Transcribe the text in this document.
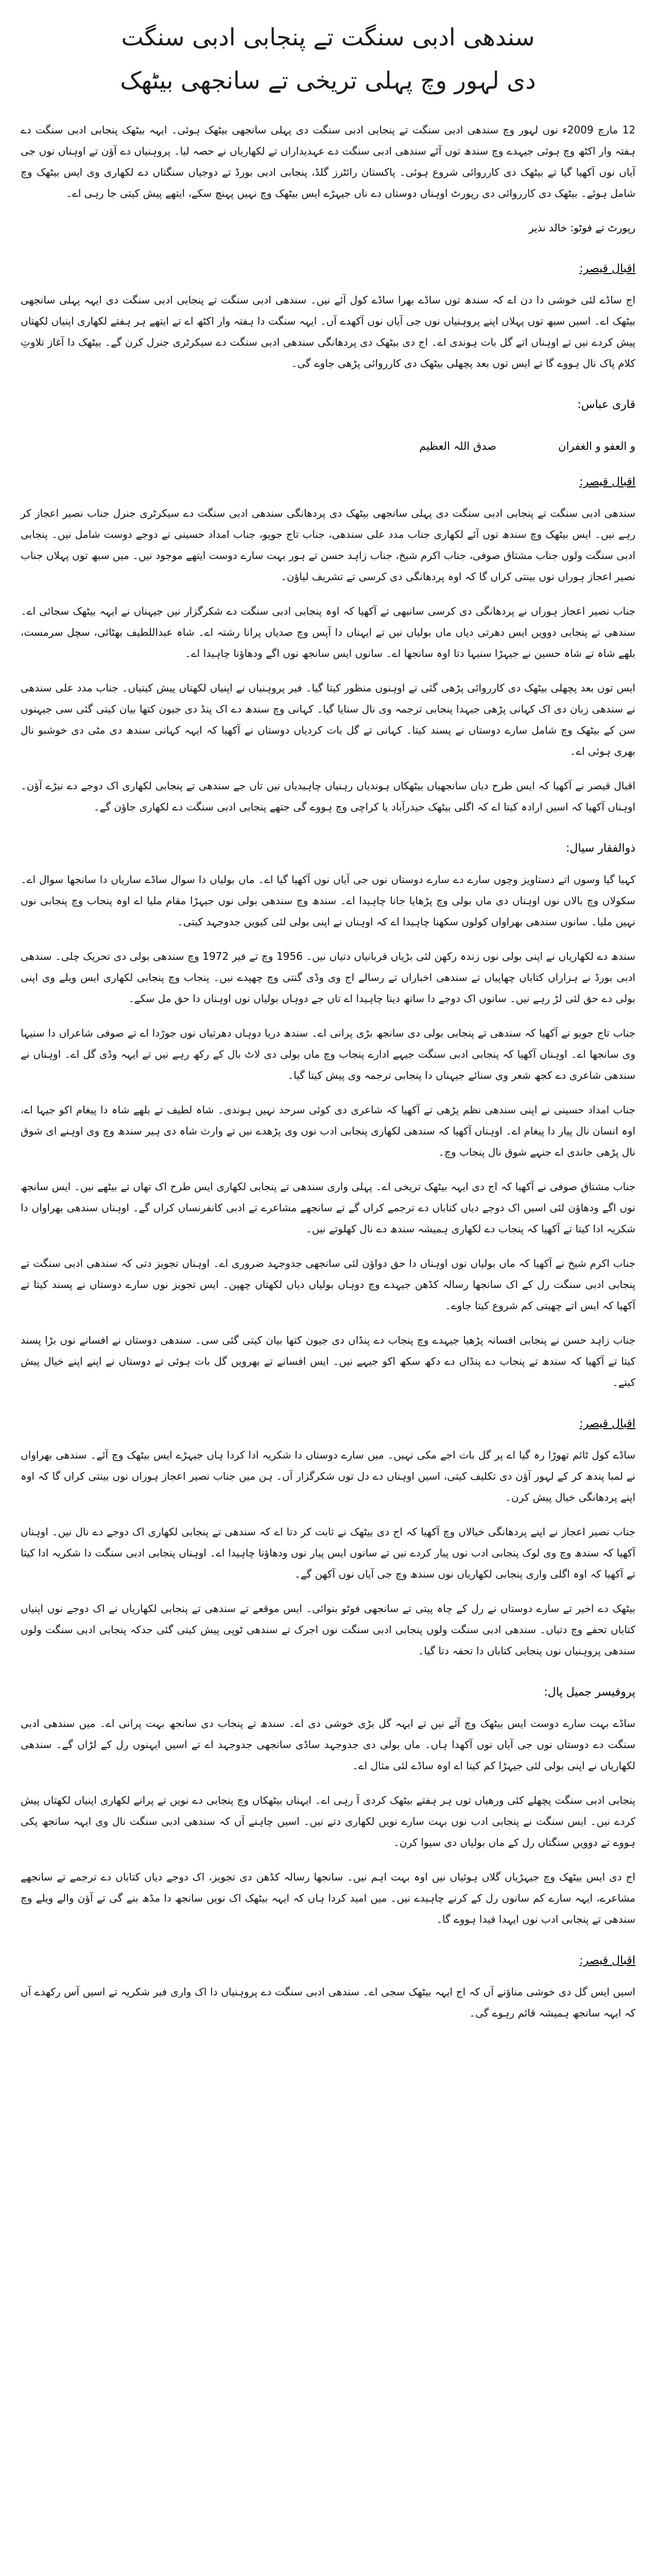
سندھی ادبی سنگت تے پنجابی ادبی سنگت
دی لہور وچ پہلی تریخی تے سانجھی بیٹھک

12 مارچ 2009ء نوں لہور وچ سندھی ادبی سنگت تے پنجابی ادبی سنگت دی پہلی سانجھی بیٹھک ہوئی۔ ایہہ بیٹھک پنجابی ادبی سنگت دے ہفتہ وار اکٹھ وچ ہوئی جیہدے وچ سندھ توں آئے سندھی ادبی سنگت دے عہدیداراں تے لکھاریاں نے حصہ لیا۔ پروہنیاں دے آؤن تے اوہناں نوں جی آیاں نوں آکھیا گیا تے بیٹھک دی کارروائی شروع ہوئی۔ پاکستان رائٹرز گلڈ، پنجابی ادبی بورڈ تے دوجیاں سنگتاں دے لکھاری وی ایس بیٹھک وچ شامل ہوئے۔ بیٹھک دی کارروائی دی رپورٹ اوہناں دوستاں دے ناں جیہڑے ایس بیٹھک وچ نہیں پہنچ سکے، ایتھے پیش کیتی جا رہی اے۔

رپورٹ تے فوٹو: خالد نذیر
اقبال قیصر:

اج ساڈے لئی خوشی دا دن اے کہ سندھ توں ساڈے بھرا ساڈے کول آئے نیں۔ سندھی ادبی سنگت تے پنجابی ادبی سنگت دی ایہہ پہلی سانجھی بیٹھک اے۔ اسیں سبھ توں پہلاں اپنے پروہنیاں نوں جی آیاں نوں آکھدے آں۔ ایہہ سنگت دا ہفتہ وار اکٹھ اے تے ایتھے ہر ہفتے لکھاری اپنیاں لکھتاں پیش کردے نیں تے اوہناں اتے گل بات ہوندی اے۔ اج دی بیٹھک دی پردھانگی سندھی ادبی سنگت دے سیکرٹری جنرل کرن گے۔ بیٹھک دا آغاز تلاوتِ کلام پاک نال ہووے گا تے ایس توں بعد پچھلی بیٹھک دی کارروائی پڑھی جاوے گی۔

قاری عباس:
و العفو و الغفران
صدق اللہ العظیم
اقبال قیصر:

سندھی ادبی سنگت تے پنجابی ادبی سنگت دی پہلی سانجھی بیٹھک دی پردھانگی سندھی ادبی سنگت دے سیکرٹری جنرل جناب نصیر اعجاز کر رہے نیں۔ ایس بیٹھک وچ سندھ توں آئے لکھاری جناب مدد علی سندھی، جناب تاج جویو، جناب امداد حسینی تے دوجے دوست شامل نیں۔ پنجابی ادبی سنگت ولوں جناب مشتاق صوفی، جناب اکرم شیخ، جناب زاہد حسن تے ہور بہت سارے دوست ایتھے موجود نیں۔ میں سبھ توں پہلاں جناب نصیر اعجاز ہوراں نوں بینتی کراں گا کہ اوہ پردھانگی دی کرسی تے تشریف لیاؤن۔

جناب نصیر اعجاز ہوراں نے پردھانگی دی کرسی سانبھی تے آکھیا کہ اوہ پنجابی ادبی سنگت دے شکرگزار نیں جیہناں نے ایہہ بیٹھک سجائی اے۔ سندھی تے پنجابی دوویں ایس دھرتی دیاں ماں بولیاں نیں تے ایہناں دا آپس وچ صدیاں پرانا رشتہ اے۔ شاہ عبداللطیف بھٹائی، سچل سرمست، بلھے شاہ تے شاہ حسین نے جیہڑا سنیہا دتا اوہ سانجھا اے۔ سانوں ایس سانجھ نوں اگے ودھاؤنا چاہیدا اے۔

ایس توں بعد پچھلی بیٹھک دی کارروائی پڑھی گئی تے اوہنوں منظور کیتا گیا۔ فیر پروہنیاں نے اپنیاں لکھتاں پیش کیتیاں۔ جناب مدد علی سندھی نے سندھی زبان دی اک کہانی پڑھی جیہدا پنجابی ترجمہ وی نال سنایا گیا۔ کہانی وچ سندھ دے اک پنڈ دی جیون کتھا بیان کیتی گئی سی جیہنوں سن کے بیٹھک وچ شامل سارے دوستاں نے پسند کیتا۔ کہانی تے گل بات کردیاں دوستاں نے آکھیا کہ ایہہ کہانی سندھ دی مٹی دی خوشبو نال بھری ہوئی اے۔

اقبال قیصر نے آکھیا کہ ایس طرح دیاں سانجھیاں بیٹھکاں ہوندیاں رہنیاں چاہیدیاں نیں تاں جے سندھی تے پنجابی لکھاری اک دوجے دے نیڑے آؤن۔ اوہناں آکھیا کہ اسیں ارادہ کیتا اے کہ اگلی بیٹھک حیدرآباد یا کراچی وچ ہووے گی جتھے پنجابی ادبی سنگت دے لکھاری جاؤن گے۔

ذوالفقار سیال:

کہیا گیا وسوں اتے دستاویز وچوں سارے دے سارے دوستاں نوں جی آیاں نوں آکھیا گیا اے۔ ماں بولیاں دا سوال ساڈے ساریاں دا سانجھا سوال اے۔ سکولاں وچ بالاں نوں اوہناں دی ماں بولی وچ پڑھایا جانا چاہیدا اے۔ سندھ وچ سندھی بولی نوں جیہڑا مقام ملیا اے اوہ پنجاب وچ پنجابی نوں نہیں ملیا۔ سانوں سندھی بھراواں کولوں سکھنا چاہیدا اے کہ اوہناں نے اپنی بولی لئی کیویں جدوجہد کیتی۔

سندھ دے لکھاریاں نے اپنی بولی نوں زندہ رکھن لئی بڑیاں قربانیاں دتیاں نیں۔ 1956 وچ تے فیر 1972 وچ سندھی بولی دی تحریک چلی۔ سندھی ادبی بورڈ نے ہزاراں کتاباں چھاپیاں تے سندھی اخباراں تے رسالے اج وی وڈی گنتی وچ چھپدے نیں۔ پنجاب وچ پنجابی لکھاری ایس ویلے وی اپنی بولی دے حق لئی لڑ رہے نیں۔ سانوں اک دوجے دا ساتھ دینا چاہیدا اے تاں جے دوہاں بولیاں نوں اوہناں دا حق مل سکے۔

جناب تاج جویو نے آکھیا کہ سندھی تے پنجابی بولی دی سانجھ بڑی پرانی اے۔ سندھ دریا دوہاں دھرتیاں نوں جوڑدا اے تے صوفی شاعراں دا سنیہا وی سانجھا اے۔ اوہناں آکھیا کہ پنجابی ادبی سنگت جیہے ادارے پنجاب وچ ماں بولی دی لاٹ بال کے رکھ رہے نیں تے ایہہ وڈی گل اے۔ اوہناں نے سندھی شاعری دے کجھ شعر وی سنائے جیہناں دا پنجابی ترجمہ وی پیش کیتا گیا۔

جناب امداد حسینی نے اپنی سندھی نظم پڑھی تے آکھیا کہ شاعری دی کوئی سرحد نہیں ہوندی۔ شاہ لطیف تے بلھے شاہ دا پیغام اکو جیہا اے، اوہ انسان نال پیار دا پیغام اے۔ اوہناں آکھیا کہ سندھی لکھاری پنجابی ادب نوں وی پڑھدے نیں تے وارث شاہ دی ہیر سندھ وچ وی اوہنے ای شوق نال پڑھی جاندی اے جنہے شوق نال پنجاب وچ۔

جناب مشتاق صوفی نے آکھیا کہ اج دی ایہہ بیٹھک تریخی اے۔ پہلی واری سندھی تے پنجابی لکھاری ایس طرح اک تھاں تے بیٹھے نیں۔ ایس سانجھ نوں اگے ودھاؤن لئی اسیں اک دوجے دیاں کتاباں دے ترجمے کراں گے تے سانجھے مشاعرے تے ادبی کانفرنساں کراں گے۔ اوہناں سندھی بھراواں دا شکریہ ادا کیتا تے آکھیا کہ پنجاب دے لکھاری ہمیشہ سندھ دے نال کھلوتے نیں۔

جناب اکرم شیخ نے آکھیا کہ ماں بولیاں نوں اوہناں دا حق دواؤن لئی سانجھی جدوجہد ضروری اے۔ اوہناں تجویز دتی کہ سندھی ادبی سنگت تے پنجابی ادبی سنگت رل کے اک سانجھا رسالہ کڈھن جیہدے وچ دوہاں بولیاں دیاں لکھتاں چھپن۔ ایس تجویز نوں سارے دوستاں نے پسند کیتا تے آکھیا کہ ایس اتے چھیتی کم شروع کیتا جاوے۔

جناب زاہد حسن نے پنجابی افسانہ پڑھیا جیہدے وچ پنجاب دے پنڈاں دی جیون کتھا بیان کیتی گئی سی۔ سندھی دوستاں نے افسانے نوں بڑا پسند کیتا تے آکھیا کہ سندھ تے پنجاب دے پنڈاں دے دکھ سکھ اکو جیہے نیں۔ ایس افسانے تے بھرویں گل بات ہوئی تے دوستاں نے اپنے اپنے خیال پیش کیتے۔

اقبال قیصر:

ساڈے کول ٹائم تھوڑا رہ گیا اے پر گل بات اجے مکی نہیں۔ میں سارے دوستاں دا شکریہ ادا کردا ہاں جیہڑے ایس بیٹھک وچ آئے۔ سندھی بھراواں نے لمبا پندھ کر کے لہور آؤن دی تکلیف کیتی، اسیں اوہناں دے دل توں شکرگزار آں۔ ہن میں جناب نصیر اعجاز ہوراں نوں بینتی کراں گا کہ اوہ اپنے پردھانگی خیال پیش کرن۔

جناب نصیر اعجاز نے اپنے پردھانگی خیالاں وچ آکھیا کہ اج دی بیٹھک نے ثابت کر دتا اے کہ سندھی تے پنجابی لکھاری اک دوجے دے نال نیں۔ اوہناں آکھیا کہ سندھ وچ وی لوک پنجابی ادب نوں پیار کردے نیں تے سانوں ایس پیار نوں ودھاؤنا چاہیدا اے۔ اوہناں پنجابی ادبی سنگت دا شکریہ ادا کیتا تے آکھیا کہ اوہ اگلی واری پنجابی لکھاریاں نوں سندھ وچ جی آیاں نوں آکھن گے۔

بیٹھک دے اخیر تے سارے دوستاں نے رل کے چاہ پیتی تے سانجھی فوٹو بنوائی۔ ایس موقعے تے سندھی تے پنجابی لکھاریاں نے اک دوجے نوں اپنیاں کتاباں تحفے وچ دتیاں۔ سندھی ادبی سنگت ولوں پنجابی ادبی سنگت نوں اجرک تے سندھی ٹوپی پیش کیتی گئی جدکہ پنجابی ادبی سنگت ولوں سندھی پروہنیاں نوں پنجابی کتاباں دا تحفہ دتا گیا۔

پروفیسر جمیل پال:

ساڈے بہت سارے دوست ایس بیٹھک وچ آئے نیں تے ایہہ گل بڑی خوشی دی اے۔ سندھ تے پنجاب دی سانجھ بہت پرانی اے۔ میں سندھی ادبی سنگت دے دوستاں نوں جی آیاں نوں آکھدا ہاں۔ ماں بولی دی جدوجہد ساڈی سانجھی جدوجہد اے تے اسیں ایہنوں رل کے لڑاں گے۔ سندھی لکھاریاں نے اپنی بولی لئی جیہڑا کم کیتا اے اوہ ساڈے لئی مثال اے۔

پنجابی ادبی سنگت پچھلے کئی ورھیاں توں ہر ہفتے بیٹھک کردی آ رہی اے۔ ایہناں بیٹھکاں وچ پنجابی دے نویں تے پرانے لکھاری اپنیاں لکھتاں پیش کردے نیں۔ ایس سنگت نے پنجابی ادب نوں بہت سارے نویں لکھاری دتے نیں۔ اسیں چاہنے آں کہ سندھی ادبی سنگت نال وی ایہہ سانجھ پکی ہووے تے دوویں سنگتاں رل کے ماں بولیاں دی سیوا کرن۔

اج دی ایس بیٹھک وچ جیہڑیاں گلاں ہوئیاں نیں اوہ بہت اہم نیں۔ سانجھا رسالہ کڈھن دی تجویز، اک دوجے دیاں کتاباں دے ترجمے تے سانجھے مشاعرے، ایہہ سارے کم سانوں رل کے کرنے چاہیدے نیں۔ میں امید کردا ہاں کہ ایہہ بیٹھک اک نویں سانجھ دا مڈھ بنے گی تے آؤن والے ویلے وچ سندھی تے پنجابی ادب نوں ایہدا فیدا ہووے گا۔

اقبال قیصر:

اسیں ایس گل دی خوشی مناؤنے آں کہ اج ایہہ بیٹھک سجی اے۔ سندھی ادبی سنگت دے پروہنیاں دا اک واری فیر شکریہ تے اسیں آس رکھدے آں کہ ایہہ سانجھ ہمیشہ قائم رہوے گی۔
